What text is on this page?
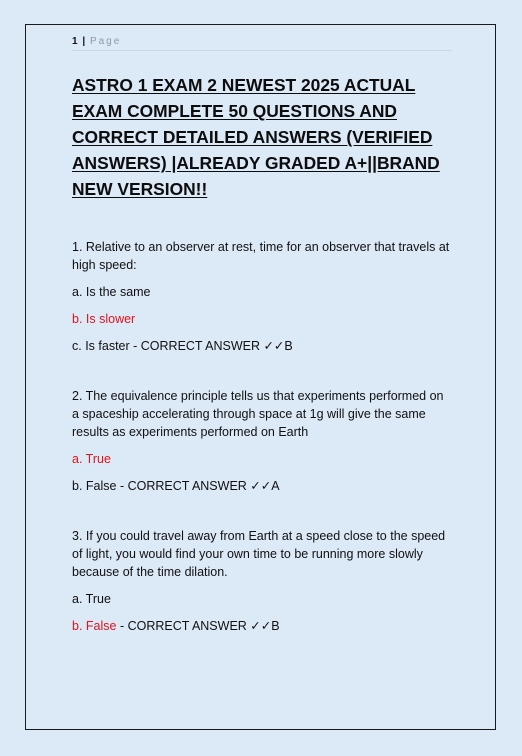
1 | Page
ASTRO 1 EXAM 2 NEWEST 2025 ACTUAL EXAM COMPLETE 50 QUESTIONS AND CORRECT DETAILED ANSWERS (VERIFIED ANSWERS) |ALREADY GRADED A+||BRAND NEW VERSION!!

1. Relative to an observer at rest, time for an observer that travels at high speed:

a. Is the same

b. Is slower

c. Is faster - CORRECT ANSWER ✓✓B

2. The equivalence principle tells us that experiments performed on a spaceship accelerating through space at 1g will give the same results as experiments performed on Earth

a. True

b. False - CORRECT ANSWER ✓✓A

3. If you could travel away from Earth at a speed close to the speed of light, you would find your own time to be running more slowly because of the time dilation.

a. True

b. False - CORRECT ANSWER ✓✓B
